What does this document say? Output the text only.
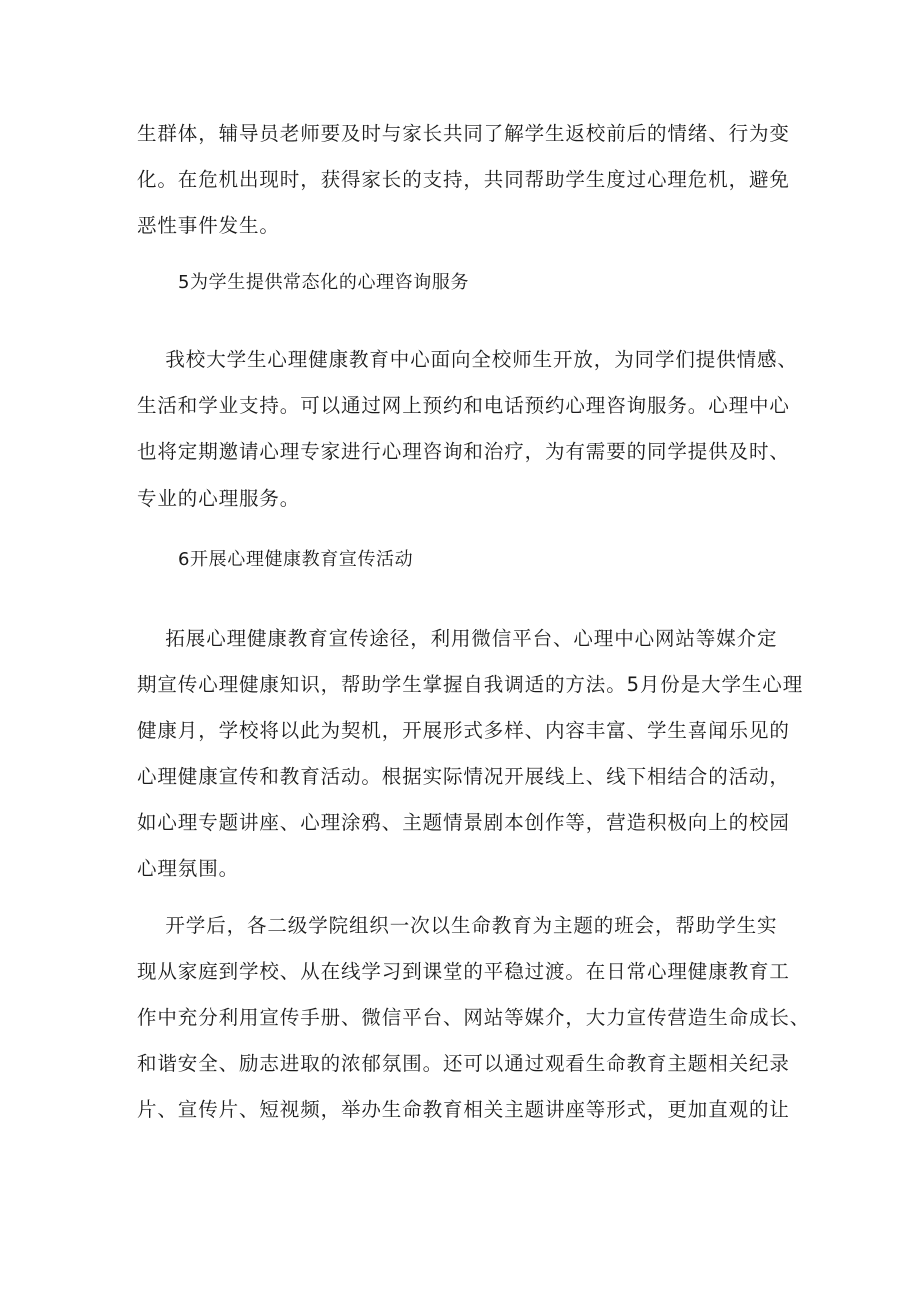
生群体，辅导员老师要及时与家长共同了解学生返校前后的情绪、行为变
化。在危机出现时，获得家长的支持，共同帮助学生度过心理危机，避免
恶性事件发生。
5为学生提供常态化的心理咨询服务
我校大学生心理健康教育中心面向全校师生开放，为同学们提供情感、
生活和学业支持。可以通过网上预约和电话预约心理咨询服务。心理中心
也将定期邀请心理专家进行心理咨询和治疗，为有需要的同学提供及时、
专业的心理服务。
6开展心理健康教育宣传活动
拓展心理健康教育宣传途径，利用微信平台、心理中心网站等媒介定
期宣传心理健康知识，帮助学生掌握自我调适的方法。5月份是大学生心理
健康月，学校将以此为契机，开展形式多样、内容丰富、学生喜闻乐见的
心理健康宣传和教育活动。根据实际情况开展线上、线下相结合的活动，
如心理专题讲座、心理涂鸦、主题情景剧本创作等，营造积极向上的校园
心理氛围。
开学后，各二级学院组织一次以生命教育为主题的班会，帮助学生实
现从家庭到学校、从在线学习到课堂的平稳过渡。在日常心理健康教育工
作中充分利用宣传手册、微信平台、网站等媒介，大力宣传营造生命成长、
和谐安全、励志进取的浓郁氛围。还可以通过观看生命教育主题相关纪录
片、宣传片、短视频，举办生命教育相关主题讲座等形式，更加直观的让
